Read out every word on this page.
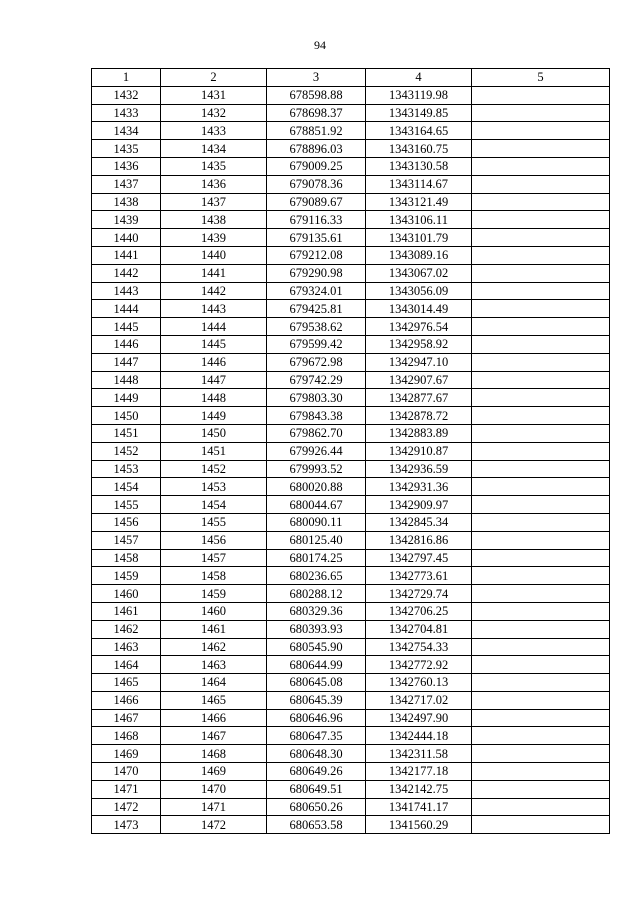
94
1	2	3	4	5
1432	1431	678598.88	1343119.98	
1433	1432	678698.37	1343149.85	
1434	1433	678851.92	1343164.65	
1435	1434	678896.03	1343160.75	
1436	1435	679009.25	1343130.58	
1437	1436	679078.36	1343114.67	
1438	1437	679089.67	1343121.49	
1439	1438	679116.33	1343106.11	
1440	1439	679135.61	1343101.79	
1441	1440	679212.08	1343089.16	
1442	1441	679290.98	1343067.02	
1443	1442	679324.01	1343056.09	
1444	1443	679425.81	1343014.49	
1445	1444	679538.62	1342976.54	
1446	1445	679599.42	1342958.92	
1447	1446	679672.98	1342947.10	
1448	1447	679742.29	1342907.67	
1449	1448	679803.30	1342877.67	
1450	1449	679843.38	1342878.72	
1451	1450	679862.70	1342883.89	
1452	1451	679926.44	1342910.87	
1453	1452	679993.52	1342936.59	
1454	1453	680020.88	1342931.36	
1455	1454	680044.67	1342909.97	
1456	1455	680090.11	1342845.34	
1457	1456	680125.40	1342816.86	
1458	1457	680174.25	1342797.45	
1459	1458	680236.65	1342773.61	
1460	1459	680288.12	1342729.74	
1461	1460	680329.36	1342706.25	
1462	1461	680393.93	1342704.81	
1463	1462	680545.90	1342754.33	
1464	1463	680644.99	1342772.92	
1465	1464	680645.08	1342760.13	
1466	1465	680645.39	1342717.02	
1467	1466	680646.96	1342497.90	
1468	1467	680647.35	1342444.18	
1469	1468	680648.30	1342311.58	
1470	1469	680649.26	1342177.18	
1471	1470	680649.51	1342142.75	
1472	1471	680650.26	1341741.17	
1473	1472	680653.58	1341560.29	
